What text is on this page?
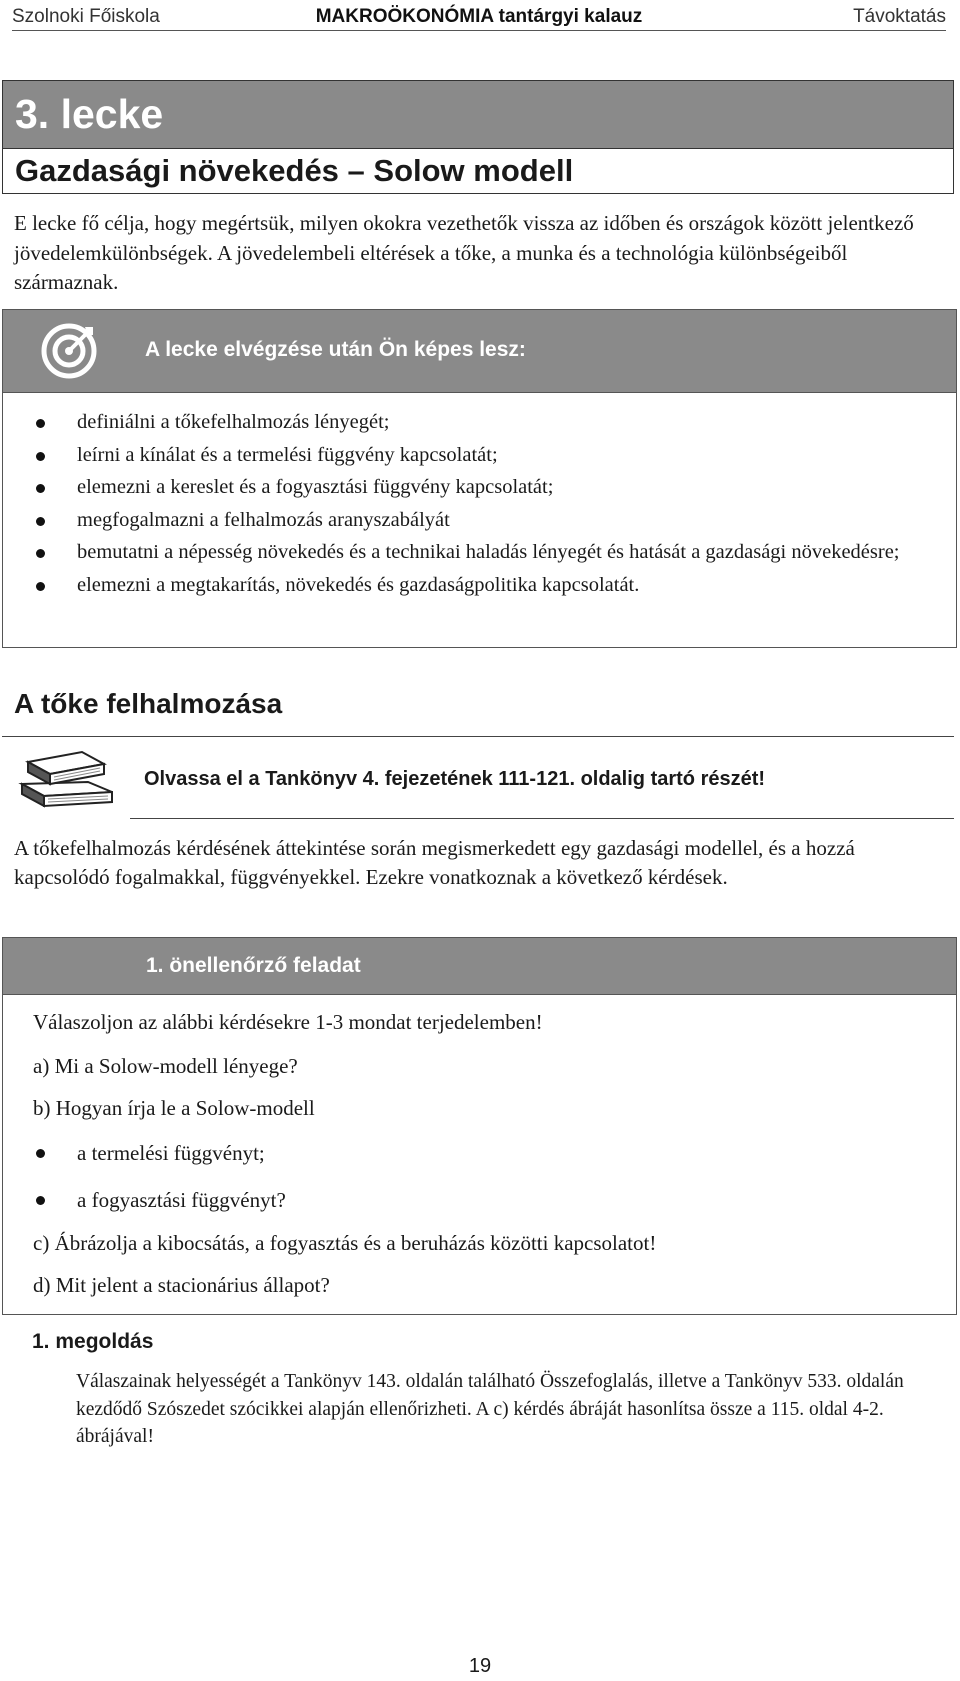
Szolnoki Főiskola	MAKROÖKONÓMIA tantárgyi kalauz	Távoktatás
3. lecke
Gazdasági növekedés – Solow modell

E lecke fő célja, hogy megértsük, milyen okokra vezethetők vissza az időben és országok között jelentkező jövedelemkülönbségek. A jövedelembeli eltérések a tőke, a munka és a technológia különbségeiből származnak.

A lecke elvégzése után Ön képes lesz:
definiálni a tőkefelhalmozás lényegét;
leírni a kínálat és a termelési függvény kapcsolatát;
elemezni a kereslet és a fogyasztási függvény kapcsolatát;
megfogalmazni a felhalmozás aranyszabályát
bemutatni a népesség növekedés és a technikai haladás lényegét és hatását a gazdasági növekedésre;
elemezni a megtakarítás, növekedés és gazdaságpolitika kapcsolatát.
A tőke felhalmozása
Olvassa el a Tankönyv 4. fejezetének 111-121. oldalig tartó részét!

A tőkefelhalmozás kérdésének áttekintése során megismerkedett egy gazdasági modellel, és a hozzá kapcsolódó fogalmakkal, függvényekkel. Ezekre vonatkoznak a következő kérdések.

1. önellenőrző feladat
Válaszoljon az alábbi kérdésekre 1-3 mondat terjedelemben!
a) Mi a Solow-modell lényege?
b) Hogyan írja le a Solow-modell
a termelési függvényt;
a fogyasztási függvényt?
c) Ábrázolja a kibocsátás, a fogyasztás és a beruházás közötti kapcsolatot!
d) Mit jelent a stacionárius állapot?
1. megoldás

Válaszainak helyességét a Tankönyv 143. oldalán található Összefoglalás, illetve a Tankönyv 533. oldalán kezdődő Szószedet szócikkei alapján ellenőrizheti. A c) kérdés ábráját hasonlítsa össze a 115. oldal 4-2. ábrájával!

19
